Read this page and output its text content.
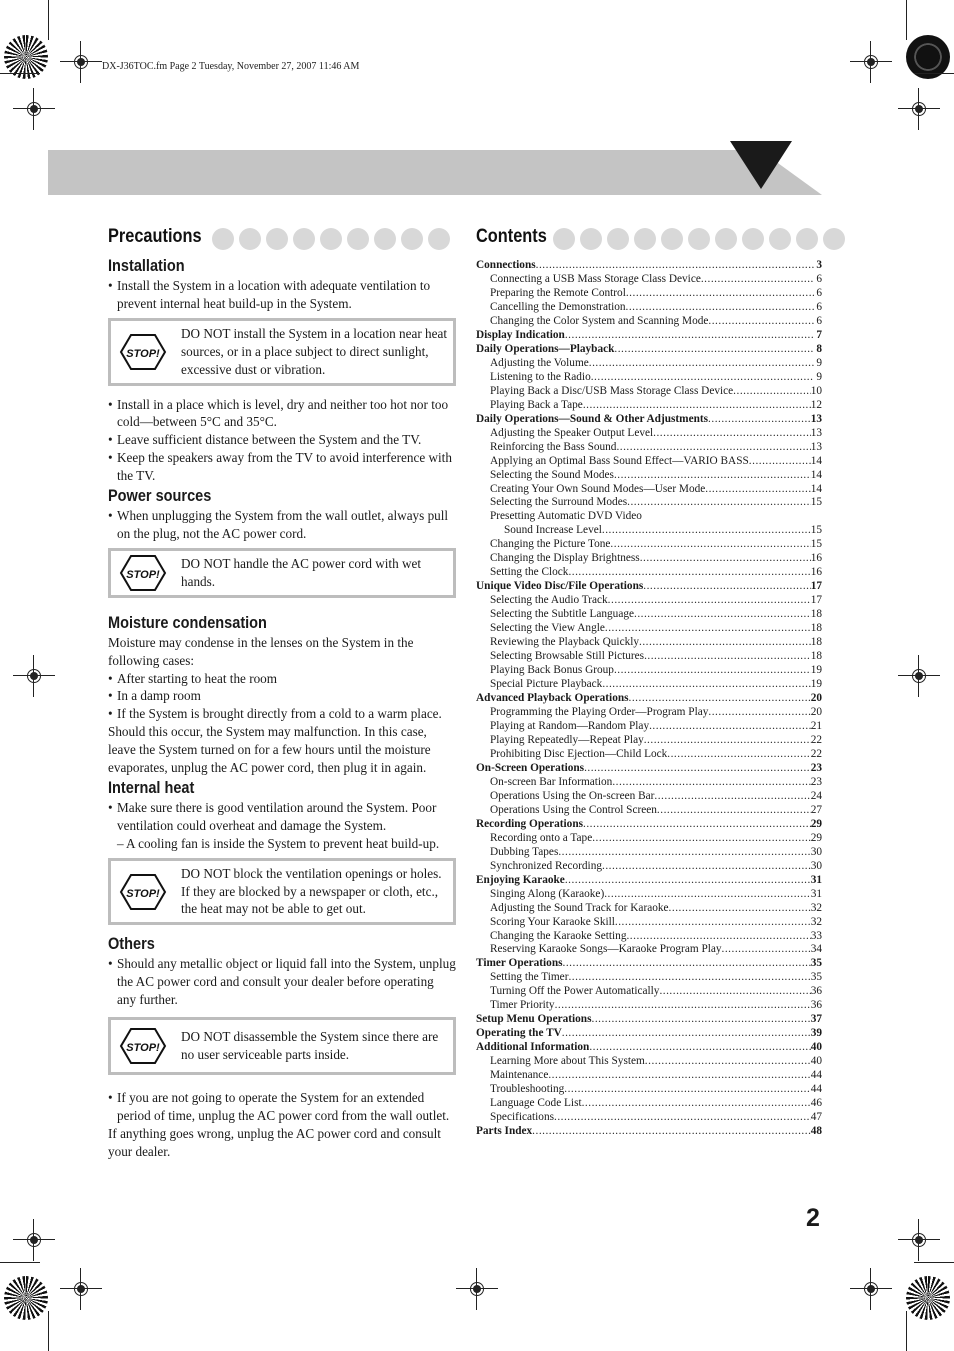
DX-J36TOC.fm Page 2 Tuesday, November 27, 2007 11:46 AM
Precautions	Contents
Installation
• Install the System in a location with adequate ventilation to prevent internal heat build-up in the System.
STOP!
DO NOT install the System in a location near heat sources, or in a place subject to direct sunlight, excessive dust or vibration.
• Install in a place which is level, dry and neither too hot nor too cold—between 5°C and 35°C.
• Leave sufficient distance between the System and the TV.
• Keep the speakers away from the TV to avoid interference with the TV.
Power sources
• When unplugging the System from the wall outlet, always pull on the plug, not the AC power cord.
STOP!
DO NOT handle the AC power cord with wet hands.
Moisture condensation

Moisture may condense in the lenses on the System in the following cases:

• After starting to heat the room
• In a damp room
• If the System is brought directly from a cold to a warm place.

Should this occur, the System may malfunction. In this case, leave the System turned on for a few hours until the moisture evaporates, unplug the AC power cord, then plug it in again.

Internal heat
• Make sure there is good ventilation around the System. Poor ventilation could overheat and damage the System.
– A cooling fan is inside the System to prevent heat build-up.
STOP!
DO NOT block the ventilation openings or holes. If they are blocked by a newspaper or cloth, etc., the heat may not be able to get out.
Others
• Should any metallic object or liquid fall into the System, unplug the AC power cord and consult your dealer before operating any further.
STOP!
DO NOT disassemble the System since there are no user serviceable parts inside.
• If you are not going to operate the System for an extended period of time, unplug the AC power cord from the wall outlet.

If anything goes wrong, unplug the AC power cord and consult your dealer.

Connections .....	3
Connecting a USB Mass Storage Class Device .....	6
Preparing the Remote Control .....	6
Cancelling the Demonstration .....	6
Changing the Color System and Scanning Mode .....	6
Display Indication .....	7
Daily Operations—Playback .....	8
Adjusting the Volume .....	9
Listening to the Radio .....	9
Playing Back a Disc/USB Mass Storage Class Device .....	10
Playing Back a Tape .....	12
Daily Operations—Sound & Other Adjustments .....	13
Adjusting the Speaker Output Level .....	13
Reinforcing the Bass Sound .....	13
Applying an Optimal Bass Sound Effect—VARIO BASS .....	14
Selecting the Sound Modes .....	14
Creating Your Own Sound Modes—User Mode .....	14
Selecting the Surround Modes .....	15
Presetting Automatic DVD Video
Sound Increase Level .....	15
Changing the Picture Tone .....	15
Changing the Display Brightness .....	16
Setting the Clock .....	16
Unique Video Disc/File Operations .....	17
Selecting the Audio Track .....	17
Selecting the Subtitle Language .....	18
Selecting the View Angle .....	18
Reviewing the Playback Quickly .....	18
Selecting Browsable Still Pictures .....	18
Playing Back Bonus Group .....	19
Special Picture Playback .....	19
Advanced Playback Operations .....	20
Programming the Playing Order—Program Play .....	20
Playing at Random—Random Play .....	21
Playing Repeatedly—Repeat Play .....	22
Prohibiting Disc Ejection—Child Lock .....	22
On-Screen Operations .....	23
On-screen Bar Information .....	23
Operations Using the On-screen Bar .....	24
Operations Using the Control Screen .....	27
Recording Operations .....	29
Recording onto a Tape .....	29
Dubbing Tapes .....	30
Synchronized Recording .....	30
Enjoying Karaoke .....	31
Singing Along (Karaoke) .....	31
Adjusting the Sound Track for Karaoke .....	32
Scoring Your Karaoke Skill .....	32
Changing the Karaoke Setting .....	33
Reserving Karaoke Songs—Karaoke Program Play .....	34
Timer Operations .....	35
Setting the Timer .....	35
Turning Off the Power Automatically .....	36
Timer Priority .....	36
Setup Menu Operations .....	37
Operating the TV .....	39
Additional Information .....	40
Learning More about This System .....	40
Maintenance .....	44
Troubleshooting .....	44
Language Code List .....	46
Specifications .....	47
Parts Index .....	48
2
